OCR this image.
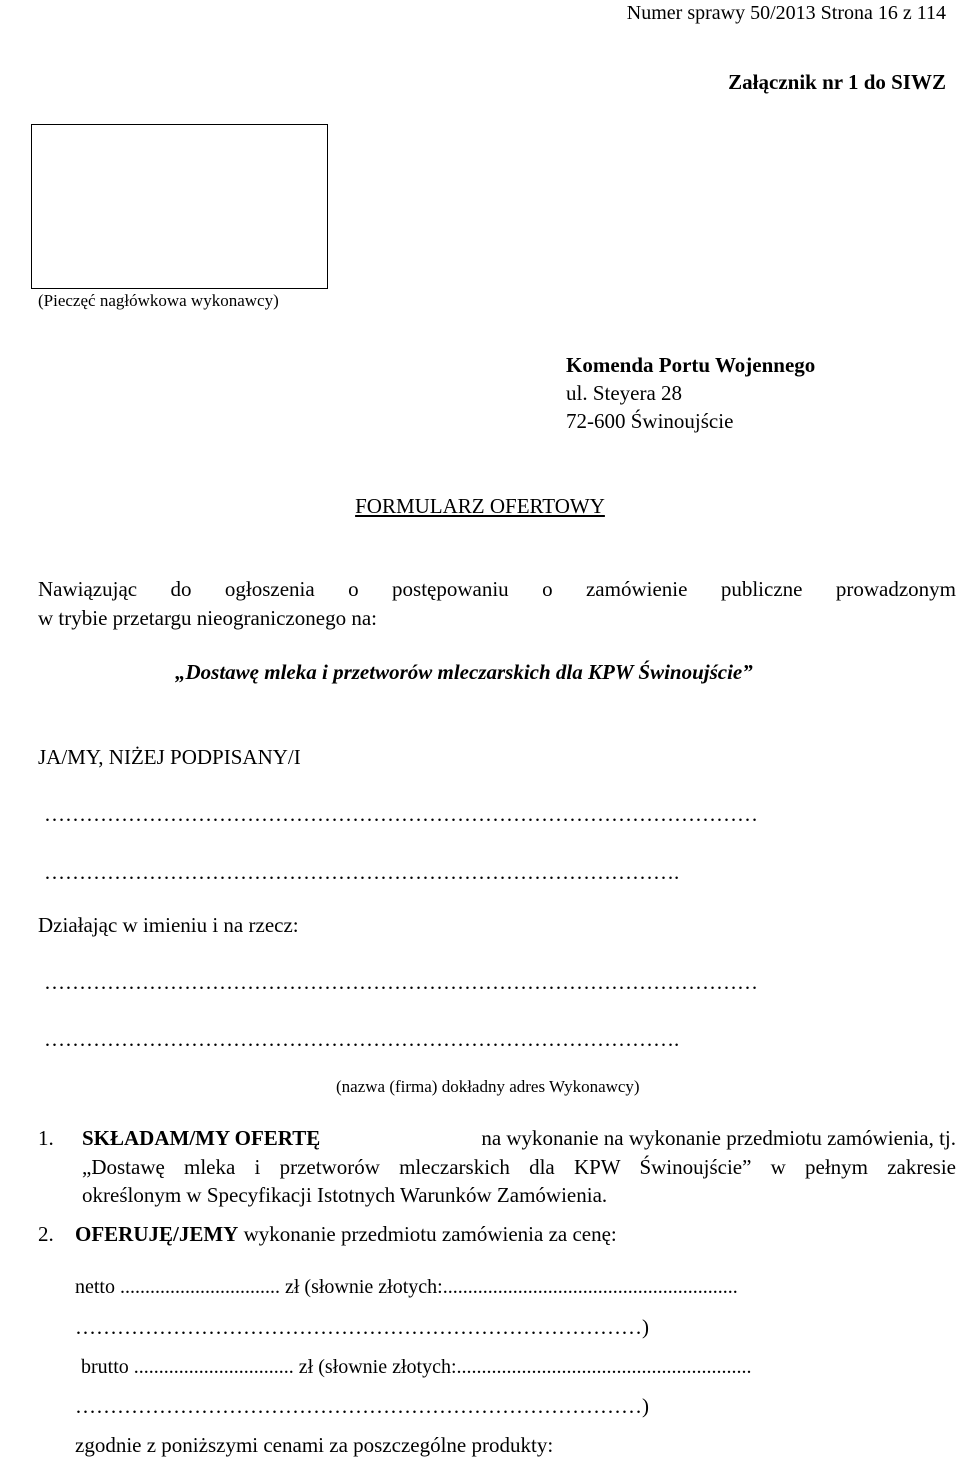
Numer sprawy 50/2013 Strona 16 z 114
Załącznik nr 1 do SIWZ
(Pieczęć nagłówkowa wykonawcy)
Komenda Portu Wojennego
ul. Steyera 28
72-600 Świnoujście
FORMULARZ OFERTOWY
Nawiązując do ogłoszenia o postępowaniu o zamówienie publiczne prowadzonym
w trybie przetargu nieograniczonego na:
„Dostawę mleka i przetworów mleczarskich dla KPW Świnoujście”
JA/MY, NIŻEJ PODPISANY/I
…………………………………………………………………………………………
……………………………………………………………………………….
Działając w imieniu i na rzecz:
…………………………………………………………………………………………
……………………………………………………………………………….
(nazwa (firma) dokładny adres Wykonawcy)
1. SKŁADAM/MY OFERTĘ	na wykonanie na wykonanie przedmiotu zamówienia, tj.
„Dostawę mleka i przetworów mleczarskich dla KPW Świnoujście” w pełnym zakresie
określonym w Specyfikacji Istotnych Warunków Zamówienia.
2. OFERUJĘ/JEMY wykonanie przedmiotu zamówienia za cenę:
netto ................................ zł (słownie złotych:...........................................................
………………………………………………………………………)
brutto ................................ zł (słownie złotych:...........................................................
………………………………………………………………………)
zgodnie z poniższymi cenami za poszczególne produkty:
